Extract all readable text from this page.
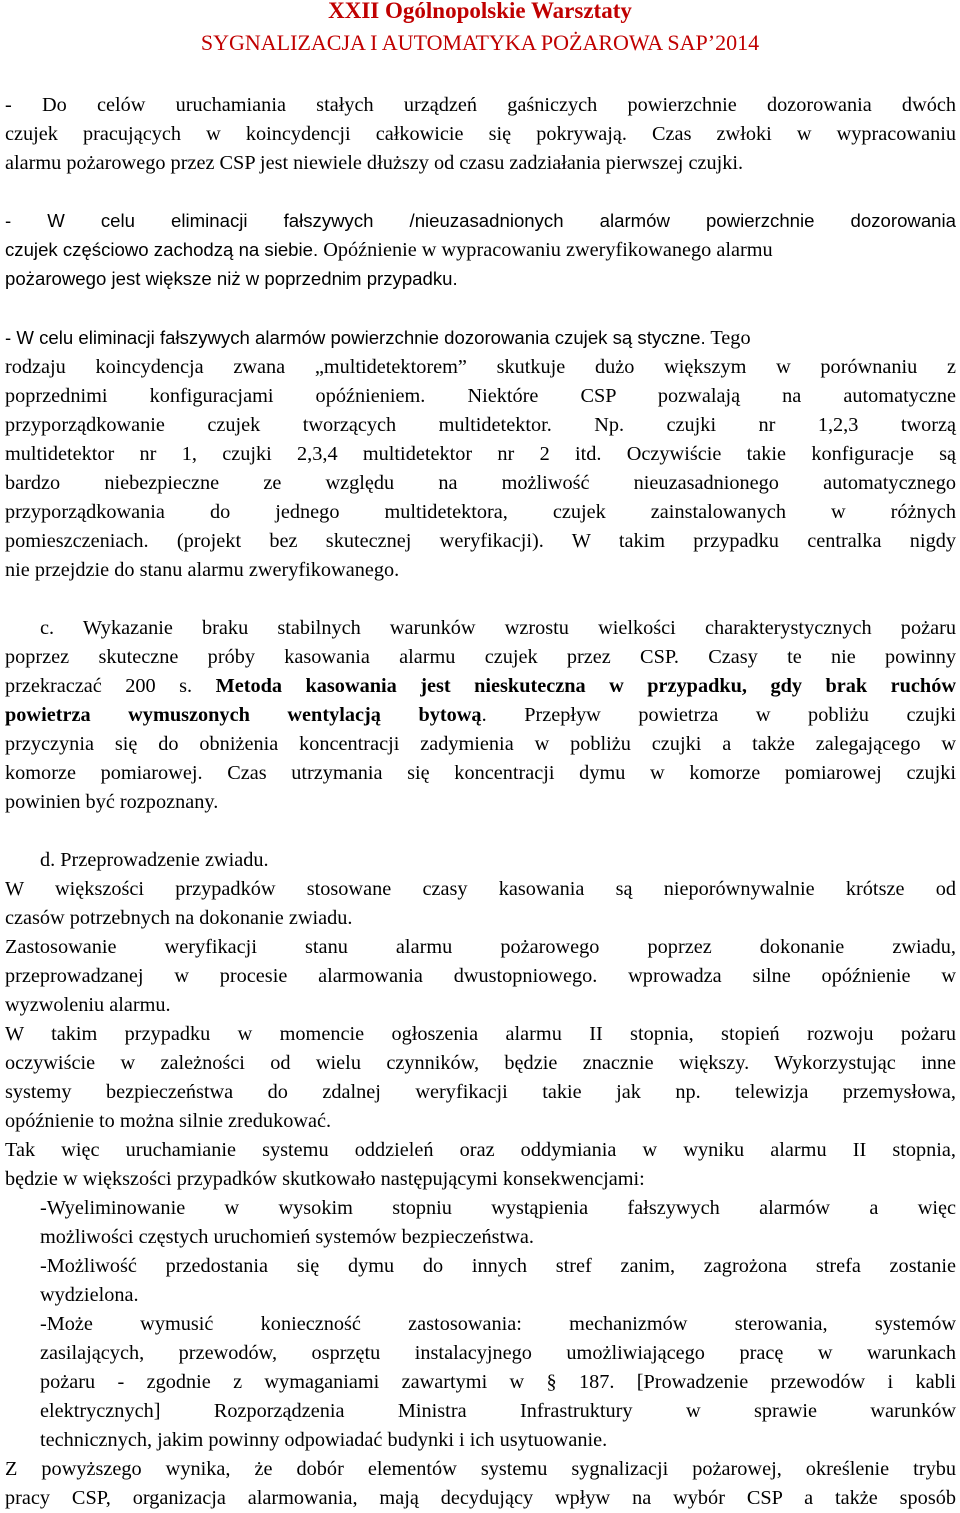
XXII Ogólnopolskie Warsztaty
SYGNALIZACJA I AUTOMATYKA POŻAROWA SAP’2014
- Do celów uruchamiania stałych urządzeń gaśniczych powierzchnie dozorowania dwóch
czujek pracujących w koincydencji całkowicie się pokrywają. Czas zwłoki w wypracowaniu
alarmu pożarowego przez CSP jest niewiele dłuższy od czasu zadziałania pierwszej czujki.
- W celu eliminacji fałszywych /nieuzasadnionych alarmów powierzchnie dozorowania
czujek częściowo zachodzą na siebie. Opóźnienie w wypracowaniu zweryfikowanego alarmu
pożarowego jest większe niż w poprzednim przypadku.
- W celu eliminacji fałszywych alarmów powierzchnie dozorowania czujek są styczne. Tego
rodzaju koincydencja zwana „multidetektorem” skutkuje dużo większym w porównaniu z
poprzednimi konfiguracjami opóźnieniem. Niektóre CSP pozwalają na automatyczne
przyporządkowanie czujek tworzących multidetektor. Np. czujki nr 1,2,3 tworzą
multidetektor nr 1, czujki 2,3,4 multidetektor nr 2 itd. Oczywiście takie konfiguracje są
bardzo niebezpieczne ze względu na możliwość nieuzasadnionego automatycznego
przyporządkowania do jednego multidetektora, czujek zainstalowanych w różnych
pomieszczeniach. (projekt bez skutecznej weryfikacji). W takim przypadku centralka nigdy
nie przejdzie do stanu alarmu zweryfikowanego.
c. Wykazanie braku stabilnych warunków wzrostu wielkości charakterystycznych pożaru
poprzez skuteczne próby kasowania alarmu czujek przez CSP. Czasy te nie powinny
przekraczać 200 s. Metoda kasowania jest nieskuteczna w przypadku, gdy brak ruchów
powietrza wymuszonych wentylacją bytową. Przepływ powietrza w pobliżu czujki
przyczynia się do obniżenia koncentracji zadymienia w pobliżu czujki a także zalegającego w
komorze pomiarowej. Czas utrzymania się koncentracji dymu w komorze pomiarowej czujki
powinien być rozpoznany.
d. Przeprowadzenie zwiadu.
W większości przypadków stosowane czasy kasowania są nieporównywalnie krótsze od
czasów potrzebnych na dokonanie zwiadu.
Zastosowanie weryfikacji stanu alarmu pożarowego poprzez dokonanie zwiadu,
przeprowadzanej w procesie alarmowania dwustopniowego. wprowadza silne opóźnienie w
wyzwoleniu alarmu.
W takim przypadku w momencie ogłoszenia alarmu II stopnia, stopień rozwoju pożaru
oczywiście w zależności od wielu czynników, będzie znacznie większy. Wykorzystując inne
systemy bezpieczeństwa do zdalnej weryfikacji takie jak np. telewizja przemysłowa,
opóźnienie to można silnie zredukować.
Tak więc uruchamianie systemu oddzieleń oraz oddymiania w wyniku alarmu II stopnia,
będzie w większości przypadków skutkowało następującymi konsekwencjami:
-Wyeliminowanie w wysokim stopniu wystąpienia fałszywych alarmów a więc
możliwości częstych uruchomień systemów bezpieczeństwa.
-Możliwość przedostania się dymu do innych stref zanim, zagrożona strefa zostanie
wydzielona.
-Może wymusić konieczność zastosowania: mechanizmów sterowania, systemów
zasilających, przewodów, osprzętu instalacyjnego umożliwiającego pracę w warunkach
pożaru - zgodnie z wymaganiami zawartymi w § 187. [Prowadzenie przewodów i kabli
elektrycznych] Rozporządzenia Ministra Infrastruktury w sprawie warunków
technicznych, jakim powinny odpowiadać budynki i ich usytuowanie.
Z powyższego wynika, że dobór elementów systemu sygnalizacji pożarowej, określenie trybu
pracy CSP, organizacja alarmowania, mają decydujący wpływ na wybór CSP a także sposób
